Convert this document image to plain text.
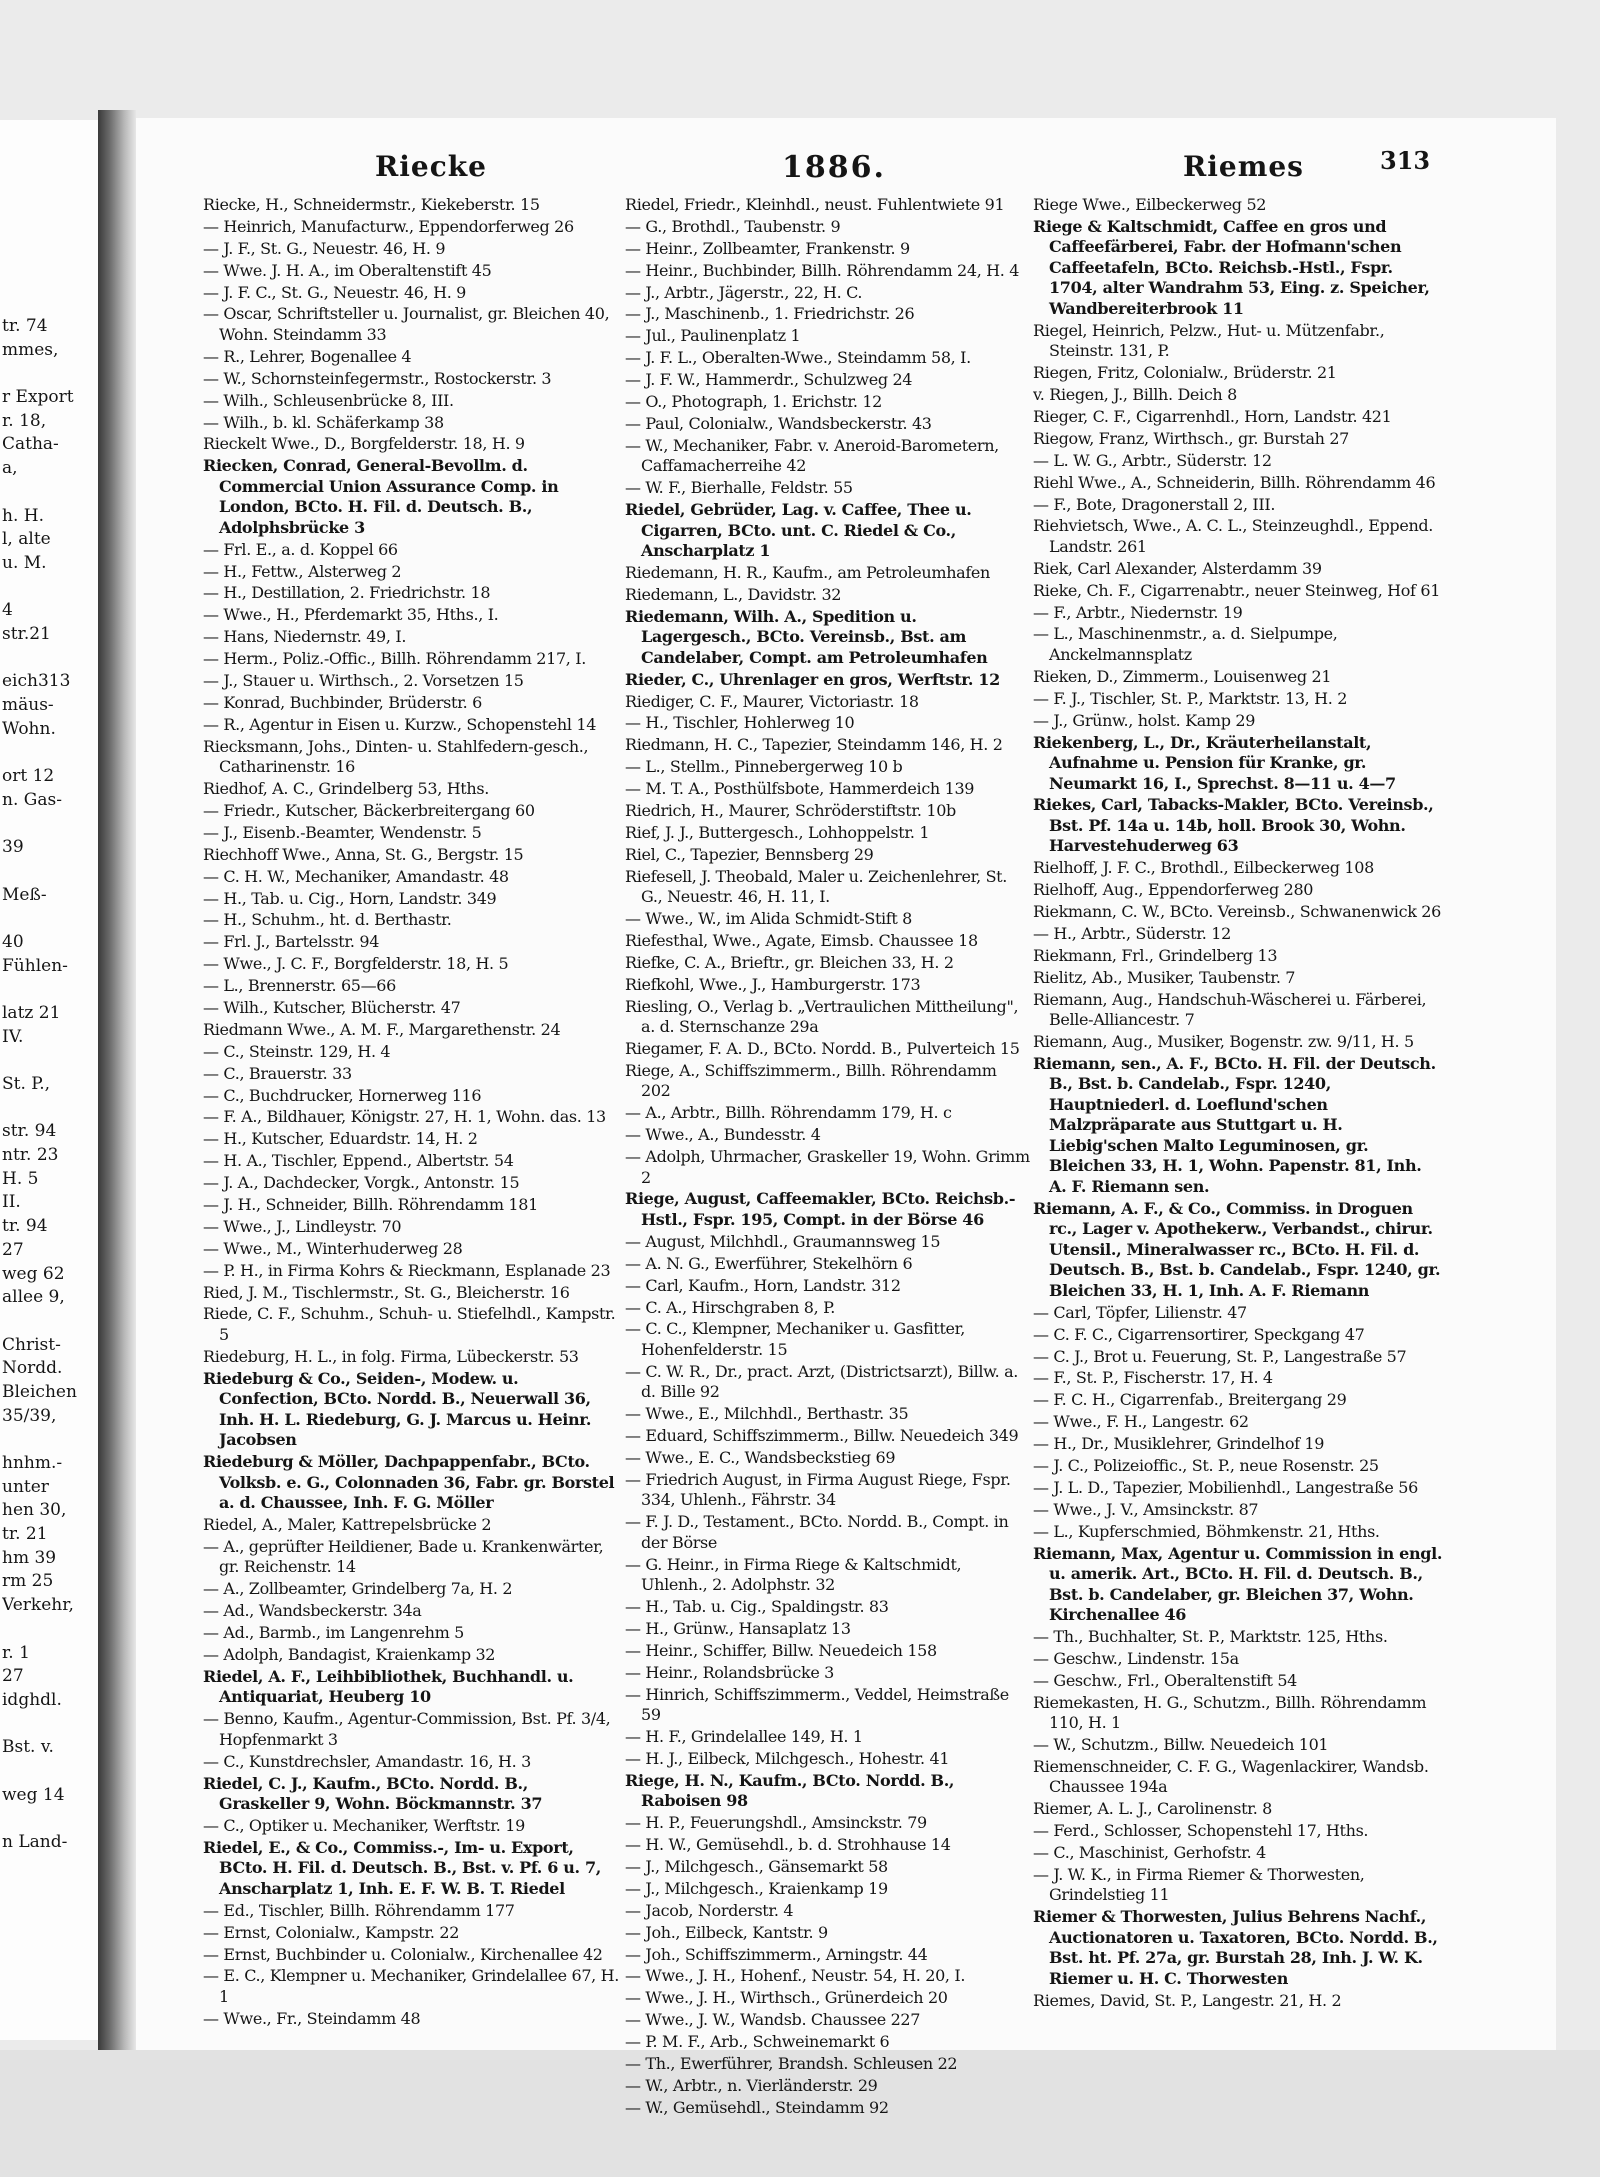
tr. 74
mmes,
r Export
r. 18,
Catha-
a,
h. H.
l, alte
u. M.
4
str.21
eich313
mäus-
Wohn.
ort 12
n. Gas-
39
Meß-
40
Fühlen-
latz 21
IV.
St. P.,
str. 94
ntr. 23
H. 5
II.
tr. 94
27
weg 62
allee 9,
Christ-
Nordd.
Bleichen
35/39,
hnhm.-
unter
hen 30,
tr. 21
hm 39
rm 25
Verkehr,
r. 1
27
idghdl.
Bst. v.
weg 14
n Land-
Riecke	1886.	Riemes	313
Riecke, H., Schneidermstr., Kiekeberstr. 15
— Heinrich, Manufacturw., Eppendorferweg 26
— J. F., St. G., Neuestr. 46, H. 9
— Wwe. J. H. A., im Oberaltenstift 45
— J. F. C., St. G., Neuestr. 46, H. 9
— Oscar, Schriftsteller u. Journalist, gr. Bleichen 40, Wohn. Steindamm 33
— R., Lehrer, Bogenallee 4
— W., Schornsteinfegermstr., Rostockerstr. 3
— Wilh., Schleusenbrücke 8, III.
— Wilh., b. kl. Schäferkamp 38
Rieckelt Wwe., D., Borgfelderstr. 18, H. 9
Riecken, Conrad, General-Bevollm. d. Commercial Union Assurance Comp. in London, BCto. H. Fil. d. Deutsch. B., Adolphsbrücke 3
— Frl. E., a. d. Koppel 66
— H., Fettw., Alsterweg 2
— H., Destillation, 2. Friedrichstr. 18
— Wwe., H., Pferdemarkt 35, Hths., I.
— Hans, Niedernstr. 49, I.
— Herm., Poliz.-Offic., Billh. Röhrendamm 217, I.
— J., Stauer u. Wirthsch., 2. Vorsetzen 15
— Konrad, Buchbinder, Brüderstr. 6
— R., Agentur in Eisen u. Kurzw., Schopenstehl 14
Riecksmann, Johs., Dinten- u. Stahlfedern-gesch., Catharinenstr. 16
Riedhof, A. C., Grindelberg 53, Hths.
— Friedr., Kutscher, Bäckerbreitergang 60
— J., Eisenb.-Beamter, Wendenstr. 5
Riechhoff Wwe., Anna, St. G., Bergstr. 15
— C. H. W., Mechaniker, Amandastr. 48
— H., Tab. u. Cig., Horn, Landstr. 349
— H., Schuhm., ht. d. Berthastr.
— Frl. J., Bartelsstr. 94
— Wwe., J. C. F., Borgfelderstr. 18, H. 5
— L., Brennerstr. 65—66
— Wilh., Kutscher, Blücherstr. 47
Riedmann Wwe., A. M. F., Margarethenstr. 24
— C., Steinstr. 129, H. 4
— C., Brauerstr. 33
— C., Buchdrucker, Hornerweg 116
— F. A., Bildhauer, Königstr. 27, H. 1, Wohn. das. 13
— H., Kutscher, Eduardstr. 14, H. 2
— H. A., Tischler, Eppend., Albertstr. 54
— J. A., Dachdecker, Vorgk., Antonstr. 15
— J. H., Schneider, Billh. Röhrendamm 181
— Wwe., J., Lindleystr. 70
— Wwe., M., Winterhuderweg 28
— P. H., in Firma Kohrs & Rieckmann, Esplanade 23
Ried, J. M., Tischlermstr., St. G., Bleicherstr. 16
Riede, C. F., Schuhm., Schuh- u. Stiefelhdl., Kampstr. 5
Riedeburg, H. L., in folg. Firma, Lübeckerstr. 53
Riedeburg & Co., Seiden-, Modew. u. Confection, BCto. Nordd. B., Neuerwall 36, Inh. H. L. Riedeburg, G. J. Marcus u. Heinr. Jacobsen
Riedeburg & Möller, Dachpappenfabr., BCto. Volksb. e. G., Colonnaden 36, Fabr. gr. Borstel a. d. Chaussee, Inh. F. G. Möller
Riedel, A., Maler, Kattrepelsbrücke 2
— A., geprüfter Heildiener, Bade u. Krankenwärter, gr. Reichenstr. 14
— A., Zollbeamter, Grindelberg 7a, H. 2
— Ad., Wandsbeckerstr. 34a
— Ad., Barmb., im Langenrehm 5
— Adolph, Bandagist, Kraienkamp 32
Riedel, A. F., Leihbibliothek, Buchhandl. u. Antiquariat, Heuberg 10
— Benno, Kaufm., Agentur-Commission, Bst. Pf. 3/4, Hopfenmarkt 3
— C., Kunstdrechsler, Amandastr. 16, H. 3
Riedel, C. J., Kaufm., BCto. Nordd. B., Graskeller 9, Wohn. Böckmannstr. 37
— C., Optiker u. Mechaniker, Werftstr. 19
Riedel, E., & Co., Commiss.-, Im- u. Export, BCto. H. Fil. d. Deutsch. B., Bst. v. Pf. 6 u. 7, Anscharplatz 1, Inh. E. F. W. B. T. Riedel
— Ed., Tischler, Billh. Röhrendamm 177
— Ernst, Colonialw., Kampstr. 22
— Ernst, Buchbinder u. Colonialw., Kirchenallee 42
— E. C., Klempner u. Mechaniker, Grindelallee 67, H. 1
— Wwe., Fr., Steindamm 48
Riedel, Friedr., Kleinhdl., neust. Fuhlentwiete 91
— G., Brothdl., Taubenstr. 9
— Heinr., Zollbeamter, Frankenstr. 9
— Heinr., Buchbinder, Billh. Röhrendamm 24, H. 4
— J., Arbtr., Jägerstr., 22, H. C.
— J., Maschinenb., 1. Friedrichstr. 26
— Jul., Paulinenplatz 1
— J. F. L., Oberalten-Wwe., Steindamm 58, I.
— J. F. W., Hammerdr., Schulzweg 24
— O., Photograph, 1. Erichstr. 12
— Paul, Colonialw., Wandsbeckerstr. 43
— W., Mechaniker, Fabr. v. Aneroid-Barometern, Caffamacherreihe 42
— W. F., Bierhalle, Feldstr. 55
Riedel, Gebrüder, Lag. v. Caffee, Thee u. Cigarren, BCto. unt. C. Riedel & Co., Anscharplatz 1
Riedemann, H. R., Kaufm., am Petroleumhafen
Riedemann, L., Davidstr. 32
Riedemann, Wilh. A., Spedition u. Lagergesch., BCto. Vereinsb., Bst. am Candelaber, Compt. am Petroleumhafen
Rieder, C., Uhrenlager en gros, Werftstr. 12
Riediger, C. F., Maurer, Victoriastr. 18
— H., Tischler, Hohlerweg 10
Riedmann, H. C., Tapezier, Steindamm 146, H. 2
— L., Stellm., Pinnebergerweg 10 b
— M. T. A., Posthülfsbote, Hammerdeich 139
Riedrich, H., Maurer, Schröderstiftstr. 10b
Rief, J. J., Buttergesch., Lohhoppelstr. 1
Riel, C., Tapezier, Bennsberg 29
Riefesell, J. Theobald, Maler u. Zeichenlehrer, St. G., Neuestr. 46, H. 11, I.
— Wwe., W., im Alida Schmidt-Stift 8
Riefesthal, Wwe., Agate, Eimsb. Chaussee 18
Riefke, C. A., Brieftr., gr. Bleichen 33, H. 2
Riefkohl, Wwe., J., Hamburgerstr. 173
Riesling, O., Verlag b. „Vertraulichen Mittheilung", a. d. Sternschanze 29a
Riegamer, F. A. D., BCto. Nordd. B., Pulverteich 15
Riege, A., Schiffszimmerm., Billh. Röhrendamm 202
— A., Arbtr., Billh. Röhrendamm 179, H. c
— Wwe., A., Bundesstr. 4
— Adolph, Uhrmacher, Graskeller 19, Wohn. Grimm 2
Riege, August, Caffeemakler, BCto. Reichsb.-Hstl., Fspr. 195, Compt. in der Börse 46
— August, Milchhdl., Graumannsweg 15
— A. N. G., Ewerführer, Stekelhörn 6
— Carl, Kaufm., Horn, Landstr. 312
— C. A., Hirschgraben 8, P.
— C. C., Klempner, Mechaniker u. Gasfitter, Hohenfelderstr. 15
— C. W. R., Dr., pract. Arzt, (Districtsarzt), Billw. a. d. Bille 92
— Wwe., E., Milchhdl., Berthastr. 35
— Eduard, Schiffszimmerm., Billw. Neuedeich 349
— Wwe., E. C., Wandsbeckstieg 69
— Friedrich August, in Firma August Riege, Fspr. 334, Uhlenh., Fährstr. 34
— F. J. D., Testament., BCto. Nordd. B., Compt. in der Börse
— G. Heinr., in Firma Riege & Kaltschmidt, Uhlenh., 2. Adolphstr. 32
— H., Tab. u. Cig., Spaldingstr. 83
— H., Grünw., Hansaplatz 13
— Heinr., Schiffer, Billw. Neuedeich 158
— Heinr., Rolandsbrücke 3
— Hinrich, Schiffszimmerm., Veddel, Heimstraße 59
— H. F., Grindelallee 149, H. 1
— H. J., Eilbeck, Milchgesch., Hohestr. 41
Riege, H. N., Kaufm., BCto. Nordd. B., Raboisen 98
— H. P., Feuerungshdl., Amsinckstr. 79
— H. W., Gemüsehdl., b. d. Strohhause 14
— J., Milchgesch., Gänsemarkt 58
— J., Milchgesch., Kraienkamp 19
— Jacob, Norderstr. 4
— Joh., Eilbeck, Kantstr. 9
— Joh., Schiffszimmerm., Arningstr. 44
— Wwe., J. H., Hohenf., Neustr. 54, H. 20, I.
— Wwe., J. H., Wirthsch., Grünerdeich 20
— Wwe., J. W., Wandsb. Chaussee 227
— P. M. F., Arb., Schweinemarkt 6
— Th., Ewerführer, Brandsh. Schleusen 22
— W., Arbtr., n. Vierländerstr. 29
— W., Gemüsehdl., Steindamm 92
Riege Wwe., Eilbeckerweg 52
Riege & Kaltschmidt, Caffee en gros und Caffeefärberei, Fabr. der Hofmann'schen Caffeetafeln, BCto. Reichsb.-Hstl., Fspr. 1704, alter Wandrahm 53, Eing. z. Speicher, Wandbereiterbrook 11
Riegel, Heinrich, Pelzw., Hut- u. Mützenfabr., Steinstr. 131, P.
Riegen, Fritz, Colonialw., Brüderstr. 21
v. Riegen, J., Billh. Deich 8
Rieger, C. F., Cigarrenhdl., Horn, Landstr. 421
Riegow, Franz, Wirthsch., gr. Burstah 27
— L. W. G., Arbtr., Süderstr. 12
Riehl Wwe., A., Schneiderin, Billh. Röhrendamm 46
— F., Bote, Dragonerstall 2, III.
Riehvietsch, Wwe., A. C. L., Steinzeughdl., Eppend. Landstr. 261
Riek, Carl Alexander, Alsterdamm 39
Rieke, Ch. F., Cigarrenabtr., neuer Steinweg, Hof 61
— F., Arbtr., Niedernstr. 19
— L., Maschinenmstr., a. d. Sielpumpe, Anckelmannsplatz
Rieken, D., Zimmerm., Louisenweg 21
— F. J., Tischler, St. P., Marktstr. 13, H. 2
— J., Grünw., holst. Kamp 29
Riekenberg, L., Dr., Kräuterheilanstalt, Aufnahme u. Pension für Kranke, gr. Neumarkt 16, I., Sprechst. 8—11 u. 4—7
Riekes, Carl, Tabacks-Makler, BCto. Vereinsb., Bst. Pf. 14a u. 14b, holl. Brook 30, Wohn. Harvestehuderweg 63
Rielhoff, J. F. C., Brothdl., Eilbeckerweg 108
Rielhoff, Aug., Eppendorferweg 280
Riekmann, C. W., BCto. Vereinsb., Schwanenwick 26
— H., Arbtr., Süderstr. 12
Riekmann, Frl., Grindelberg 13
Rielitz, Ab., Musiker, Taubenstr. 7
Riemann, Aug., Handschuh-Wäscherei u. Färberei, Belle-Alliancestr. 7
Riemann, Aug., Musiker, Bogenstr. zw. 9/11, H. 5
Riemann, sen., A. F., BCto. H. Fil. der Deutsch. B., Bst. b. Candelab., Fspr. 1240, Hauptniederl. d. Loeflund'schen Malzpräparate aus Stuttgart u. H. Liebig'schen Malto Leguminosen, gr. Bleichen 33, H. 1, Wohn. Papenstr. 81, Inh. A. F. Riemann sen.
Riemann, A. F., & Co., Commiss. in Droguen rc., Lager v. Apothekerw., Verbandst., chirur. Utensil., Mineralwasser rc., BCto. H. Fil. d. Deutsch. B., Bst. b. Candelab., Fspr. 1240, gr. Bleichen 33, H. 1, Inh. A. F. Riemann
— Carl, Töpfer, Lilienstr. 47
— C. F. C., Cigarrensortirer, Speckgang 47
— C. J., Brot u. Feuerung, St. P., Langestraße 57
— F., St. P., Fischerstr. 17, H. 4
— F. C. H., Cigarrenfab., Breitergang 29
— Wwe., F. H., Langestr. 62
— H., Dr., Musiklehrer, Grindelhof 19
— J. C., Polizeioffic., St. P., neue Rosenstr. 25
— J. L. D., Tapezier, Mobilienhdl., Langestraße 56
— Wwe., J. V., Amsinckstr. 87
— L., Kupferschmied, Böhmkenstr. 21, Hths.
Riemann, Max, Agentur u. Commission in engl. u. amerik. Art., BCto. H. Fil. d. Deutsch. B., Bst. b. Candelaber, gr. Bleichen 37, Wohn. Kirchenallee 46
— Th., Buchhalter, St. P., Marktstr. 125, Hths.
— Geschw., Lindenstr. 15a
— Geschw., Frl., Oberaltenstift 54
Riemekasten, H. G., Schutzm., Billh. Röhrendamm 110, H. 1
— W., Schutzm., Billw. Neuedeich 101
Riemenschneider, C. F. G., Wagenlackirer, Wandsb. Chaussee 194a
Riemer, A. L. J., Carolinenstr. 8
— Ferd., Schlosser, Schopenstehl 17, Hths.
— C., Maschinist, Gerhofstr. 4
— J. W. K., in Firma Riemer & Thorwesten, Grindelstieg 11
Riemer & Thorwesten, Julius Behrens Nachf., Auctionatoren u. Taxatoren, BCto. Nordd. B., Bst. ht. Pf. 27a, gr. Burstah 28, Inh. J. W. K. Riemer u. H. C. Thorwesten
Riemes, David, St. P., Langestr. 21, H. 2
